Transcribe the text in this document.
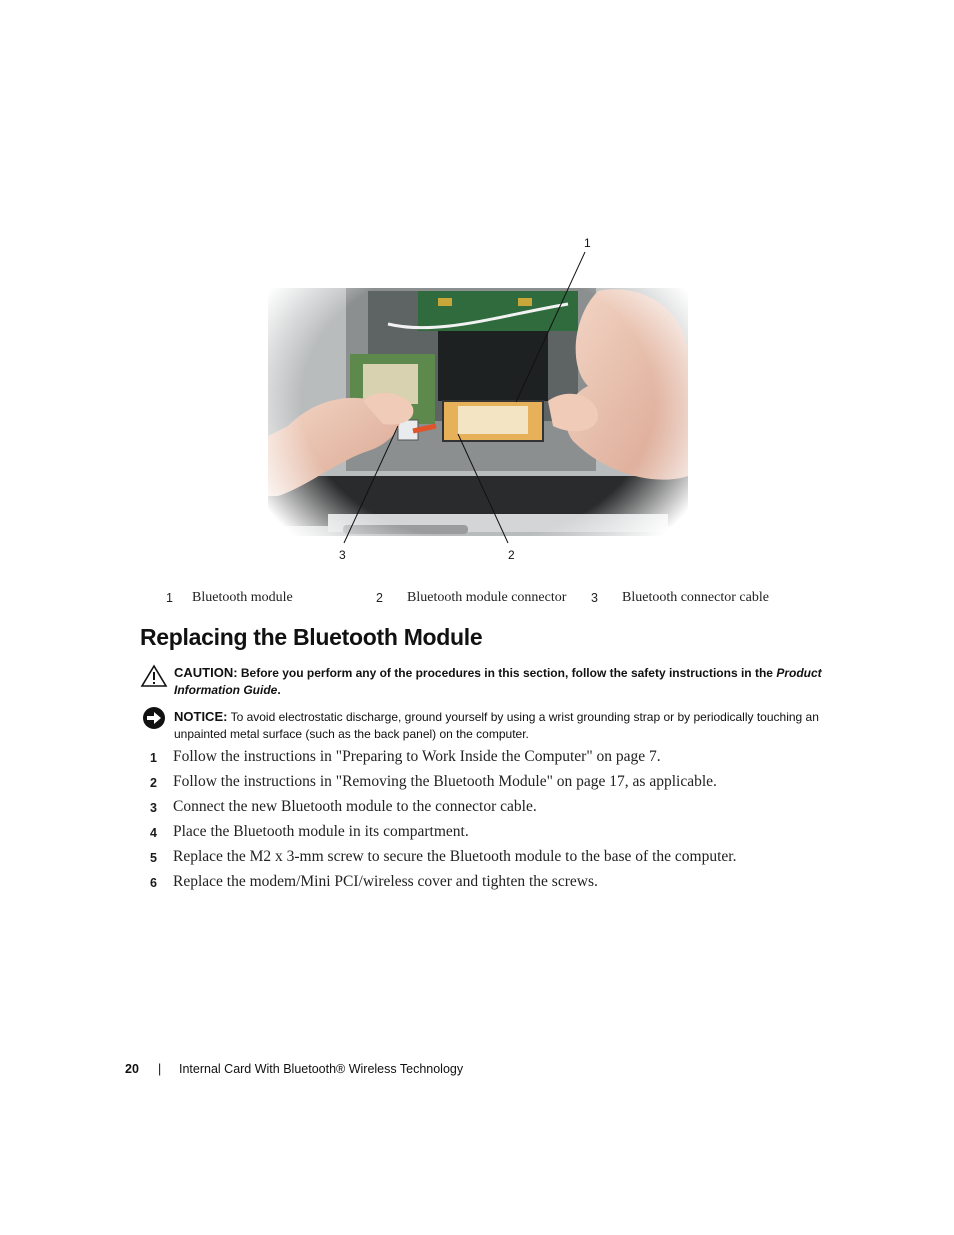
1
3	2
1 Bluetooth module	2 Bluetooth module connector 3 Bluetooth connector cable
Replacing the Bluetooth Module
CAUTION: Before you perform any of the procedures in this section, follow the safety instructions in the Product Information Guide.
NOTICE: To avoid electrostatic discharge, ground yourself by using a wrist grounding strap or by periodically touching an unpainted metal surface (such as the back panel) on the computer.
1 Follow the instructions in "Preparing to Work Inside the Computer" on page 7.
2 Follow the instructions in "Removing the Bluetooth Module" on page 17, as applicable.
3 Connect the new Bluetooth module to the connector cable.
4 Place the Bluetooth module in its compartment.
5 Replace the M2 x 3-mm screw to secure the Bluetooth module to the base of the computer.
6 Replace the modem/Mini PCI/wireless cover and tighten the screws.
20 | Internal Card With Bluetooth® Wireless Technology
